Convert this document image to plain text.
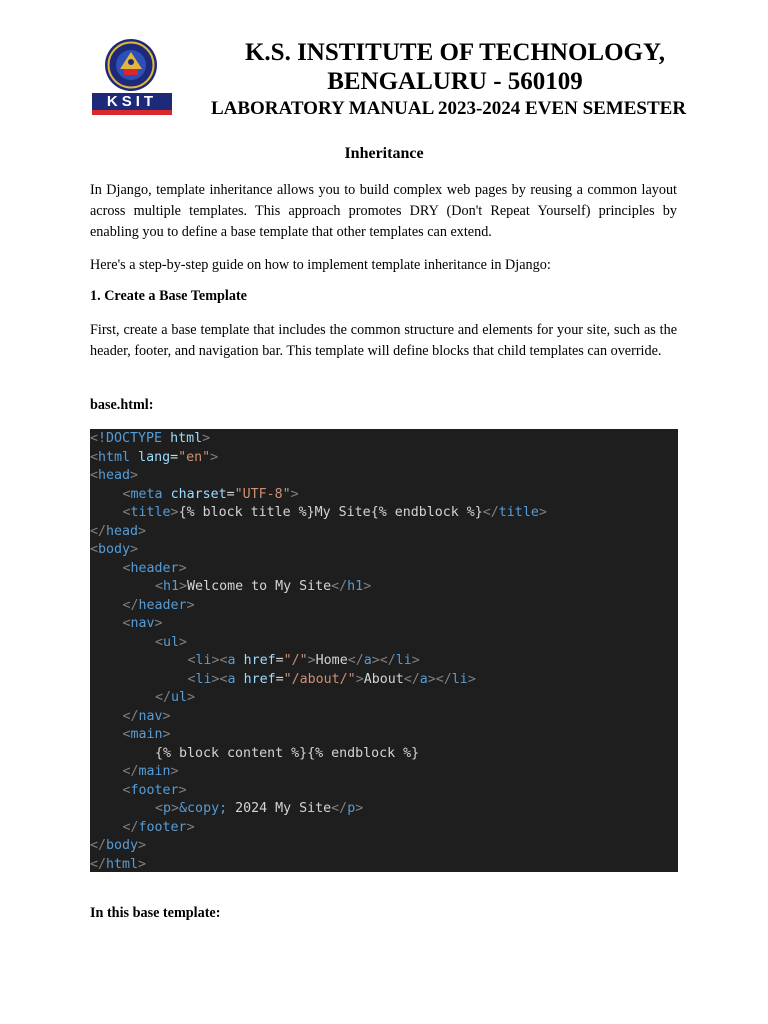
KSIT
K.S. INSTITUTE OF TECHNOLOGY,
BENGALURU - 560109
LABORATORY MANUAL 2023-2024 EVEN SEMESTER
Inheritance
In Django, template inheritance allows you to build complex web pages by reusing a common layout across multiple templates. This approach promotes DRY (Don't Repeat Yourself) principles by enabling you to define a base template that other templates can extend.
Here's a step-by-step guide on how to implement template inheritance in Django:
1. Create a Base Template
First, create a base template that includes the common structure and elements for your site, such as the header, footer, and navigation bar. This template will define blocks that child templates can override.
base.html:
<!DOCTYPE html>
<html lang="en">
<head>
<meta charset="UTF-8">
<title>{% block title %}My Site{% endblock %}</title>
</head>
<body>
<header>
<h1>Welcome to My Site</h1>
</header>
<nav>
<ul>
<li><a href="/">Home</a></li>
<li><a href="/about/">About</a></li>
</ul>
</nav>
<main>
{% block content %}{% endblock %}
</main>
<footer>
<p>&copy; 2024 My Site</p>
</footer>
</body>
</html>
In this base template:
